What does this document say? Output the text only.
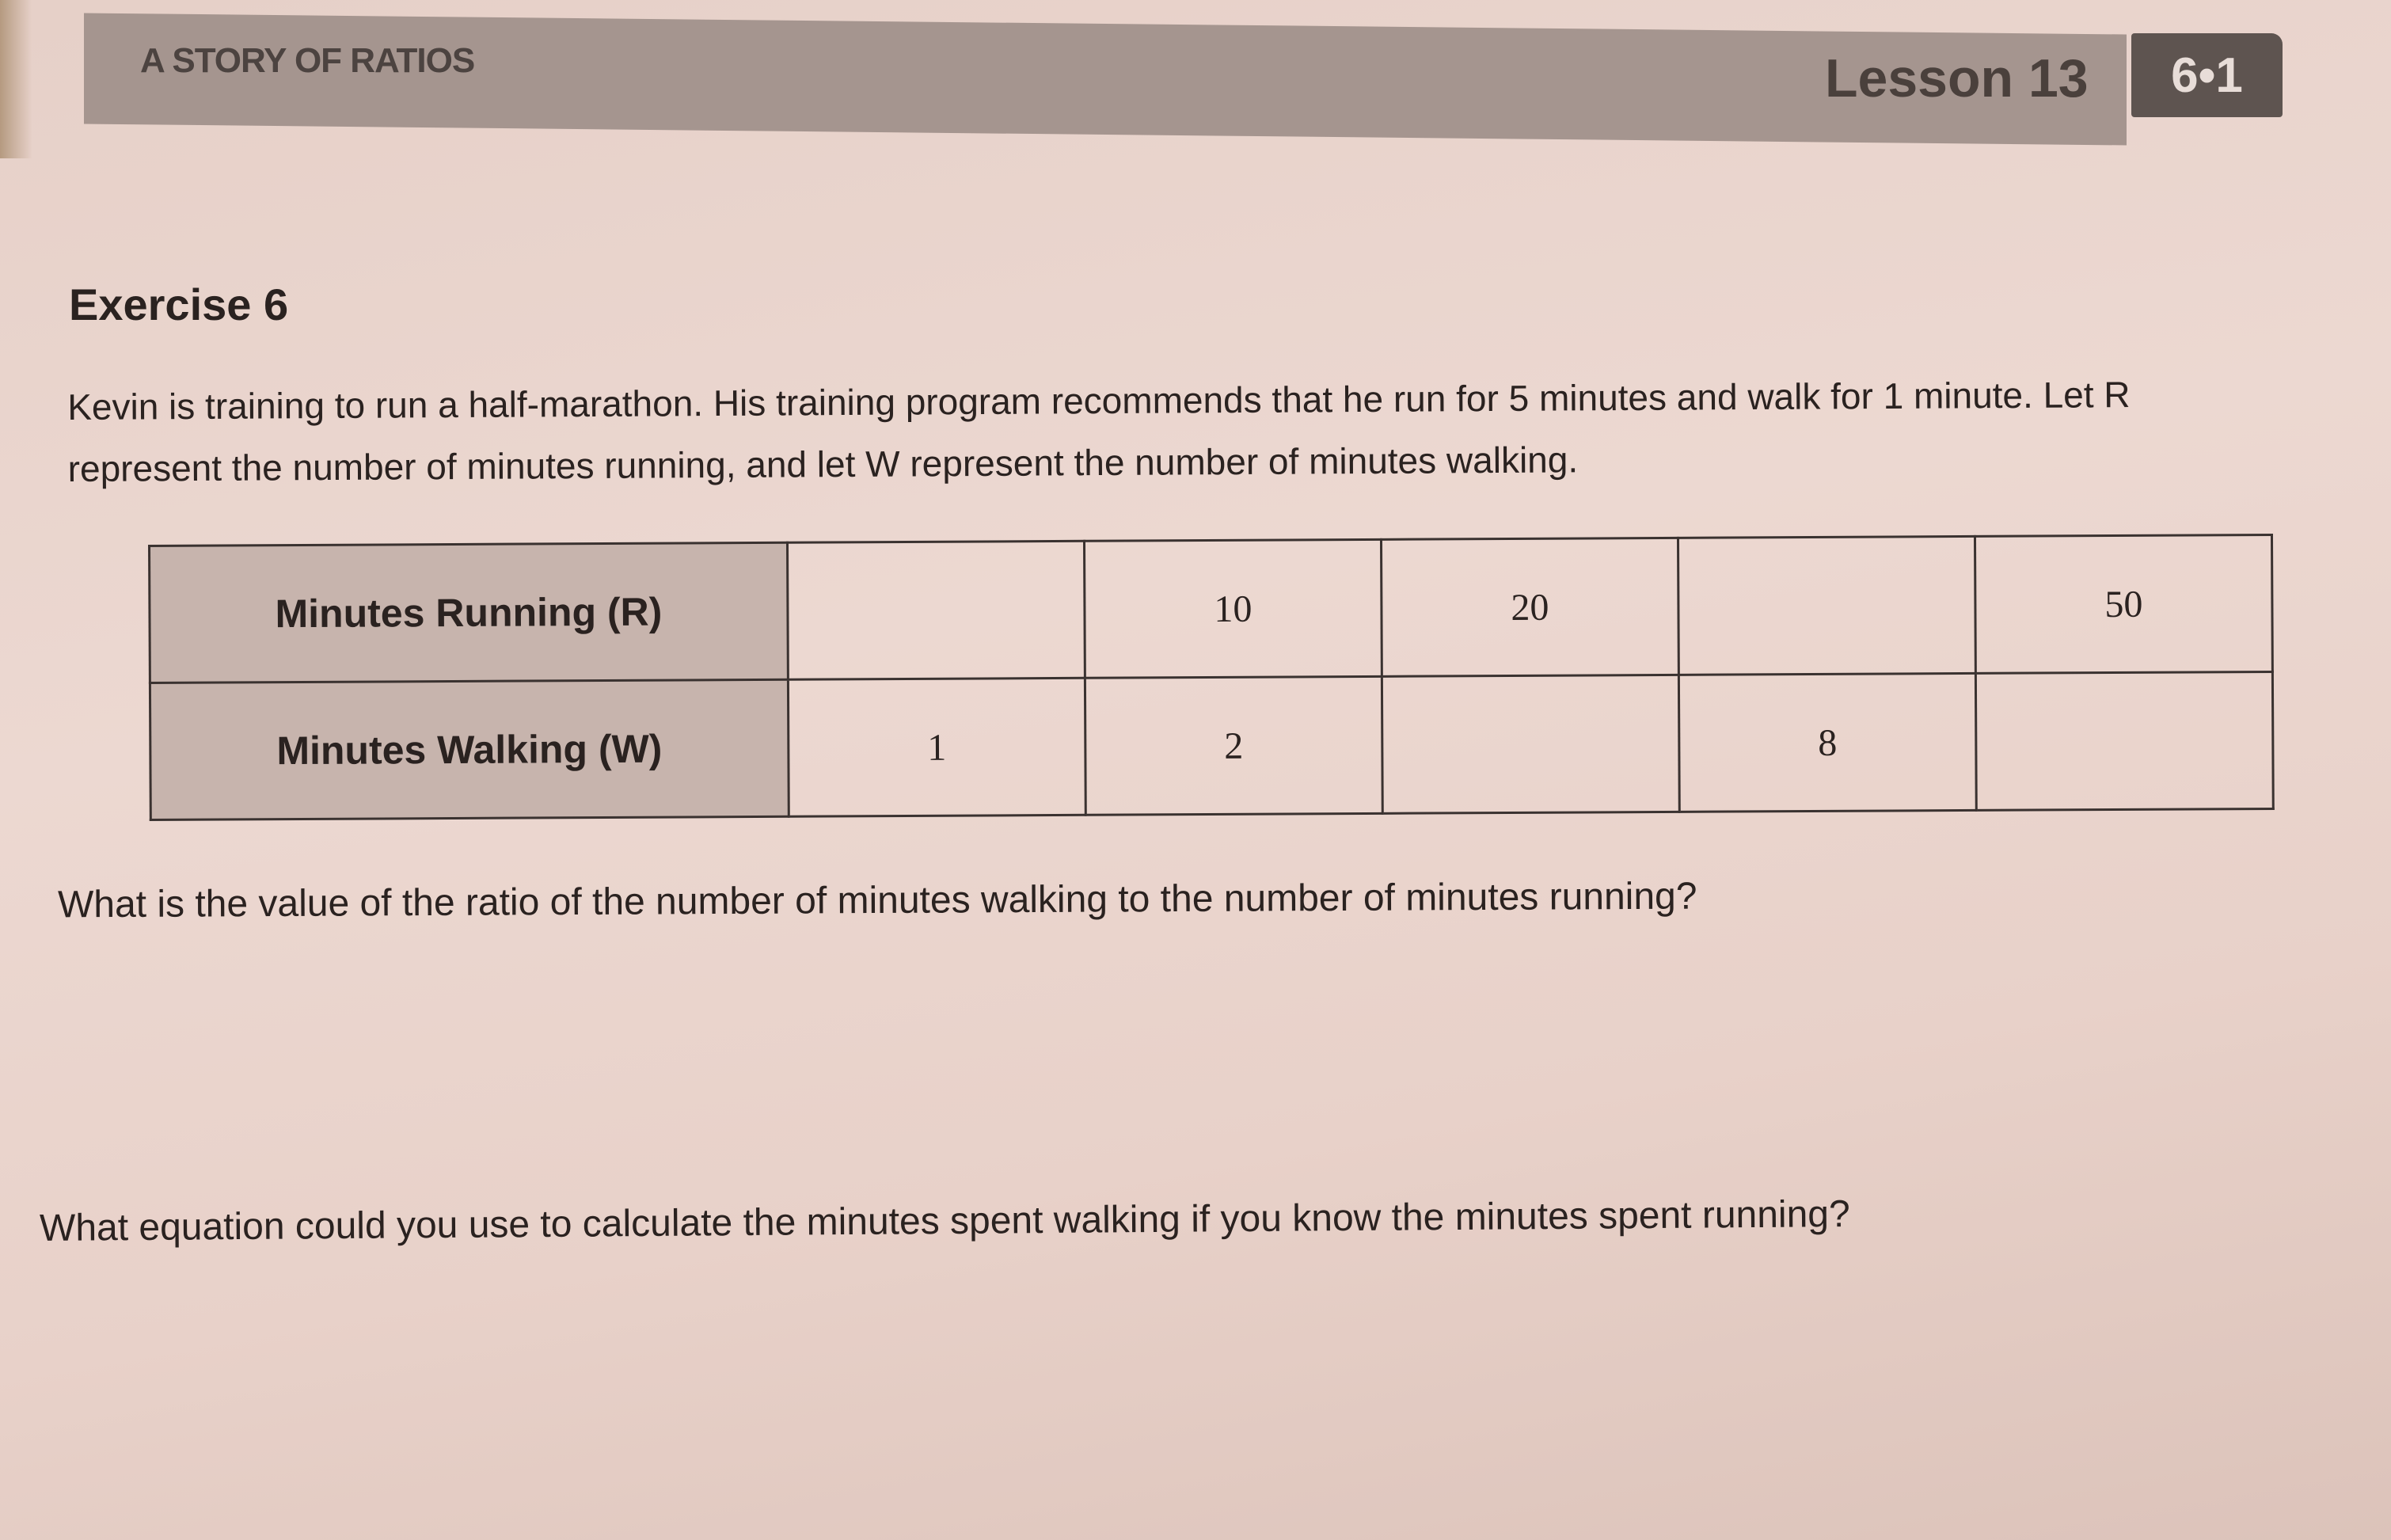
A STORY OF RATIOS	Lesson 13	6•1
Exercise 6
Kevin is training to run a half-marathon. His training program recommends that he run for 5 minutes and walk for 1 minute. Let R represent the number of minutes running, and let W represent the number of minutes walking.
Minutes Running (R)		10	20		50
Minutes Walking (W)	1	2		8	
What is the value of the ratio of the number of minutes walking to the number of minutes running?
What equation could you use to calculate the minutes spent walking if you know the minutes spent running?
